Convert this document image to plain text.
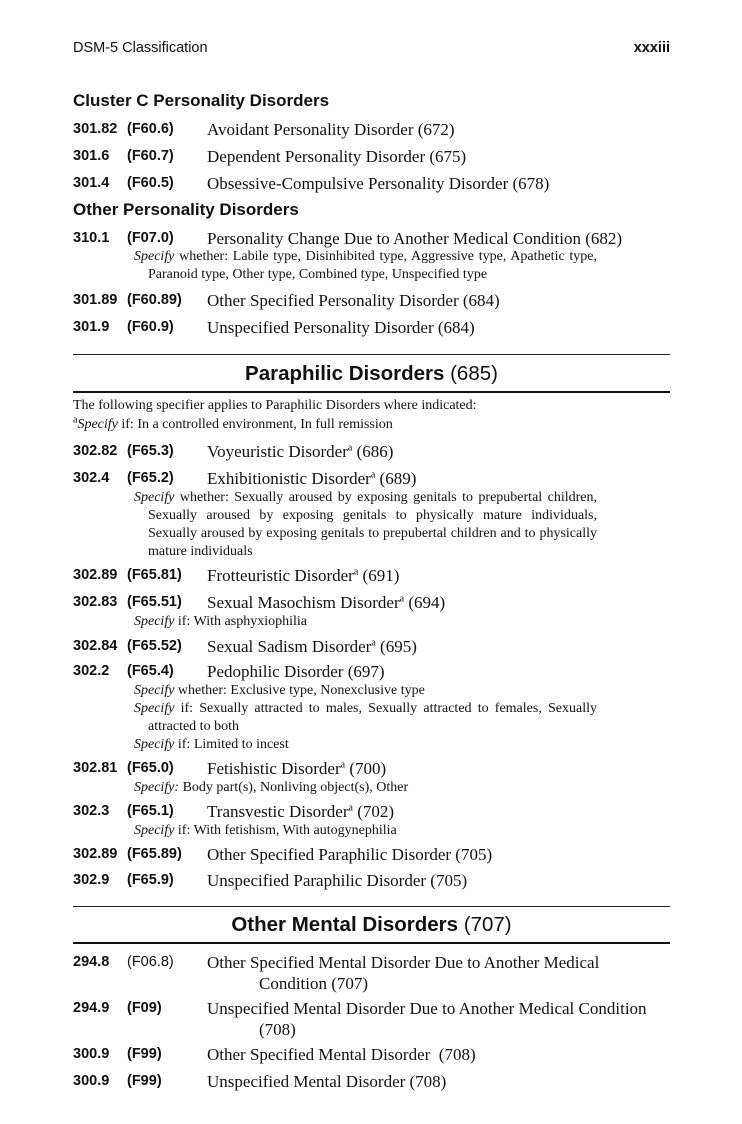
DSM-5 Classification	xxxiii
Cluster C Personality Disorders
301.82 (F60.6) Avoidant Personality Disorder (672)
301.6 (F60.7) Dependent Personality Disorder (675)
301.4 (F60.5) Obsessive-Compulsive Personality Disorder (678)
Other Personality Disorders
310.1 (F07.0) Personality Change Due to Another Medical Condition (682)
Specify whether: Labile type, Disinhibited type, Aggressive type, Apathetic type, Paranoid type, Other type, Combined type, Unspecified type
301.89 (F60.89) Other Specified Personality Disorder (684)
301.9 (F60.9) Unspecified Personality Disorder (684)
Paraphilic Disorders (685)
The following specifier applies to Paraphilic Disorders where indicated:
$^a$Specify if: In a controlled environment, In full remission
302.82 (F65.3) Voyeuristic Disorder$^a$ (686)
302.4 (F65.2) Exhibitionistic Disorder$^a$ (689)
Specify whether: Sexually aroused by exposing genitals to prepubertal children, Sexually aroused by exposing genitals to physically mature individuals, Sexually aroused by exposing genitals to prepubertal children and to physically mature individuals
302.89 (F65.81) Frotteuristic Disorder$^a$ (691)
302.83 (F65.51) Sexual Masochism Disorder$^a$ (694)
Specify if: With asphyxiophilia
302.84 (F65.52) Sexual Sadism Disorder$^a$ (695)
302.2 (F65.4) Pedophilic Disorder (697)
Specify whether: Exclusive type, Nonexclusive type
Specify if: Sexually attracted to males, Sexually attracted to females, Sexually attracted to both
Specify if: Limited to incest
302.81 (F65.0) Fetishistic Disorder$^a$ (700)
Specify: Body part(s), Nonliving object(s), Other
302.3 (F65.1) Transvestic Disorder$^a$ (702)
Specify if: With fetishism, With autogynephilia
302.89 (F65.89) Other Specified Paraphilic Disorder (705)
302.9 (F65.9) Unspecified Paraphilic Disorder (705)
Other Mental Disorders (707)
294.8 (F06.8) Other Specified Mental Disorder Due to Another Medical
Condition (707)
294.9 (F09)	Unspecified Mental Disorder Due to Another Medical Condition
(708)
300.9 (F99)	Other Specified Mental Disorder  (708)
300.9 (F99)	Unspecified Mental Disorder (708)
